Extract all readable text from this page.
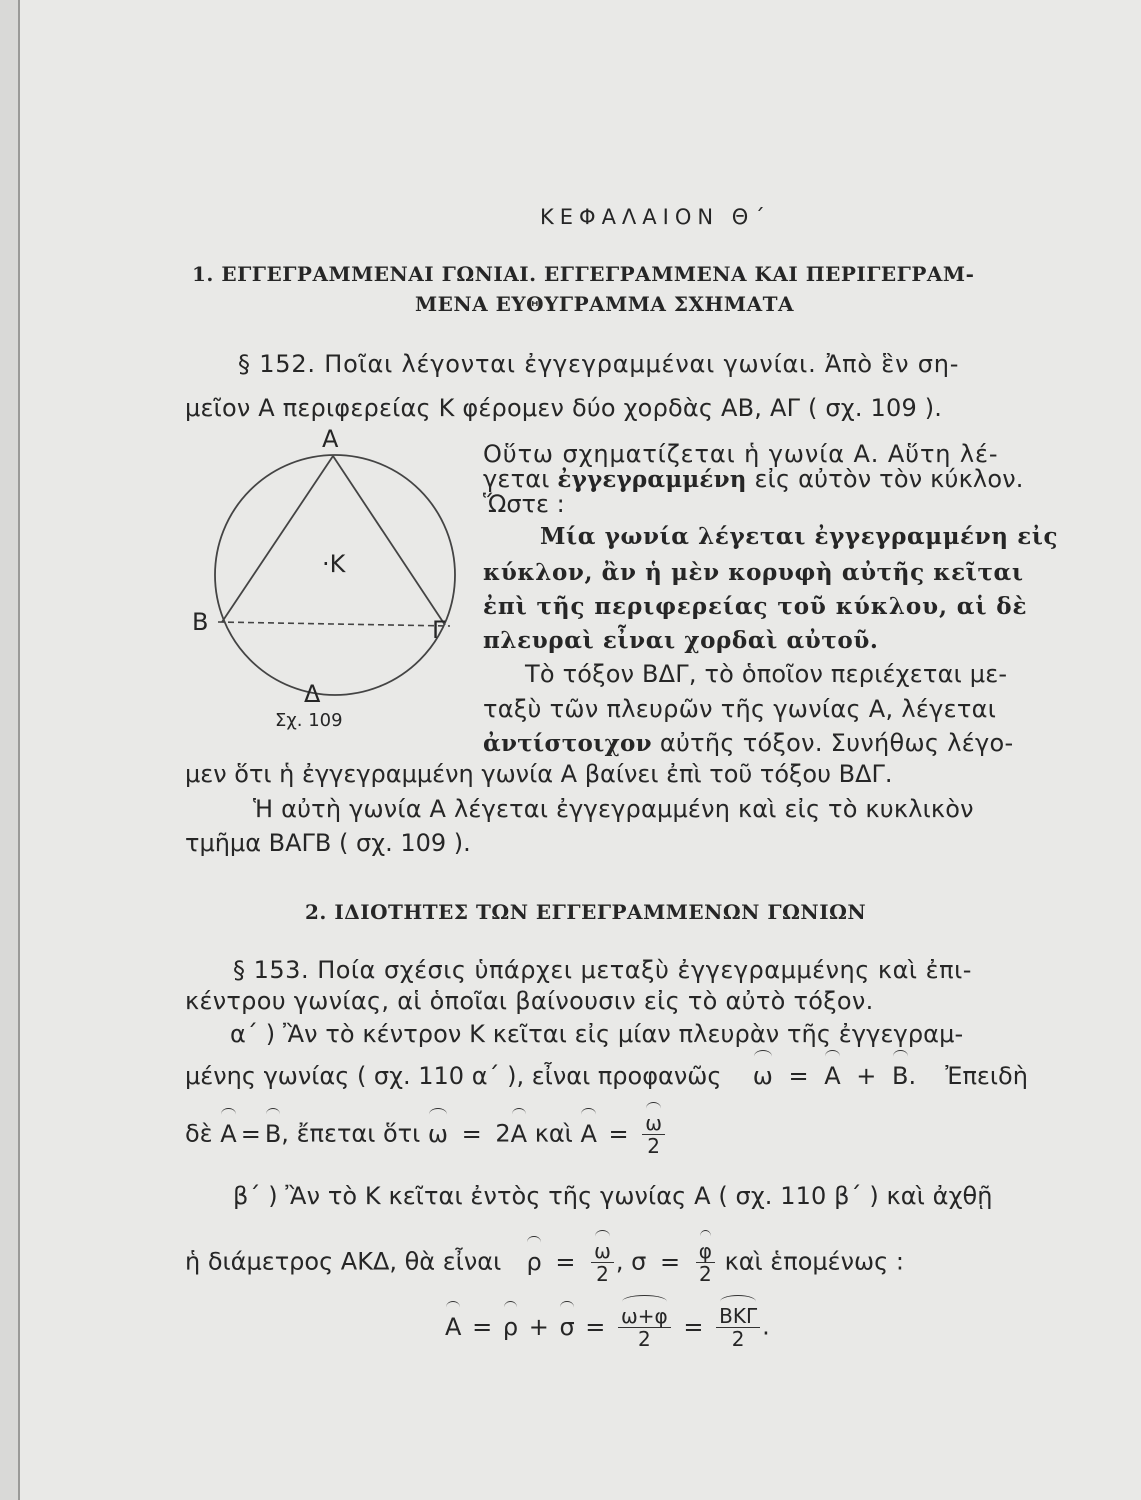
ΚΕΦΑΛΑΙΟΝ Θ΄
1. ΕΓΓΕΓΡΑΜΜΕΝΑΙ ΓΩΝΙΑΙ. ΕΓΓΕΓΡΑΜΜΕΝΑ ΚΑΙ ΠΕΡΙΓΕΓΡΑΜ-
ΜΕΝΑ ΕΥΘΥΓΡΑΜΜΑ ΣΧΗΜΑΤΑ
§ 152. Ποῖαι λέγονται ἐγγεγραμμέναι γωνίαι. Ἀπὸ ἓν ση-
μεῖον Α περιφερείας Κ φέρομεν δύο χορδὰς ΑΒ, ΑΓ ( σχ. 109 ).
Οὕτω σχηματίζεται ἡ γωνία Α. Αὕτη λέ-
γεται ἐγγεγραμμένη εἰς αὐτὸν τὸν κύκλον.
Ὥστε :
Μία γωνία λέγεται ἐγγεγραμμένη εἰς
κύκλον, ἂν ἡ μὲν κορυφὴ αὐτῆς κεῖται
ἐπὶ τῆς περιφερείας τοῦ κύκλου, αἱ δὲ
πλευραὶ εἶναι χορδαὶ αὐτοῦ.
Τὸ τόξον ΒΔΓ, τὸ ὁποῖον περιέχεται με-
ταξὺ τῶν πλευρῶν τῆς γωνίας Α, λέγεται
ἀντίστοιχον αὐτῆς τόξον. Συνήθως λέγο-
μεν ὅτι ἡ ἐγγεγραμμένη γωνία Α βαίνει ἐπὶ τοῦ τόξου ΒΔΓ.
Ἡ αὐτὴ γωνία Α λέγεται ἐγγεγραμμένη καὶ εἰς τὸ κυκλικὸν
τμῆμα ΒΑΓΒ ( σχ. 109 ).
Α
Β	Γ
Δ
·Κ
Σχ. 109
2. ΙΔΙΟΤΗΤΕΣ ΤΩΝ ΕΓΓΕΓΡΑΜΜΕΝΩΝ ΓΩΝΙΩΝ
§ 153. Ποία σχέσις ὑπάρχει μεταξὺ ἐγγεγραμμένης καὶ ἐπι-
κέντρου γωνίας, αἱ ὁποῖαι βαίνουσιν εἰς τὸ αὐτὸ τόξον.
α΄ ) Ἂν τὸ κέντρον Κ κεῖται εἰς μίαν πλευρὰν τῆς ἐγγεγραμ-
μένης γωνίας ( σχ. 110 α΄ ), εἶναι προφανῶς ω = Α + Β.  Ἐπειδὴ
δὲ Α = Β, ἔπεται ὅτι ω = 2Α καὶ $A = \frac{\omega}{2}$
β΄ ) Ἂν τὸ Κ κεῖται ἐντὸς τῆς γωνίας Α ( σχ. 110 β΄ ) καὶ ἀχθῇ
ἡ διάμετρος ΑΚΔ, θὰ εἶναι $\rho = \frac{\omega}{2}$ , $\sigma = \frac{\varphi}{2}$ καὶ ἑπομένως :
$A = \rho + \sigma = \frac{\omega+\varphi}{2} = \frac{\text{ΒΚΓ}}{2}$ .
